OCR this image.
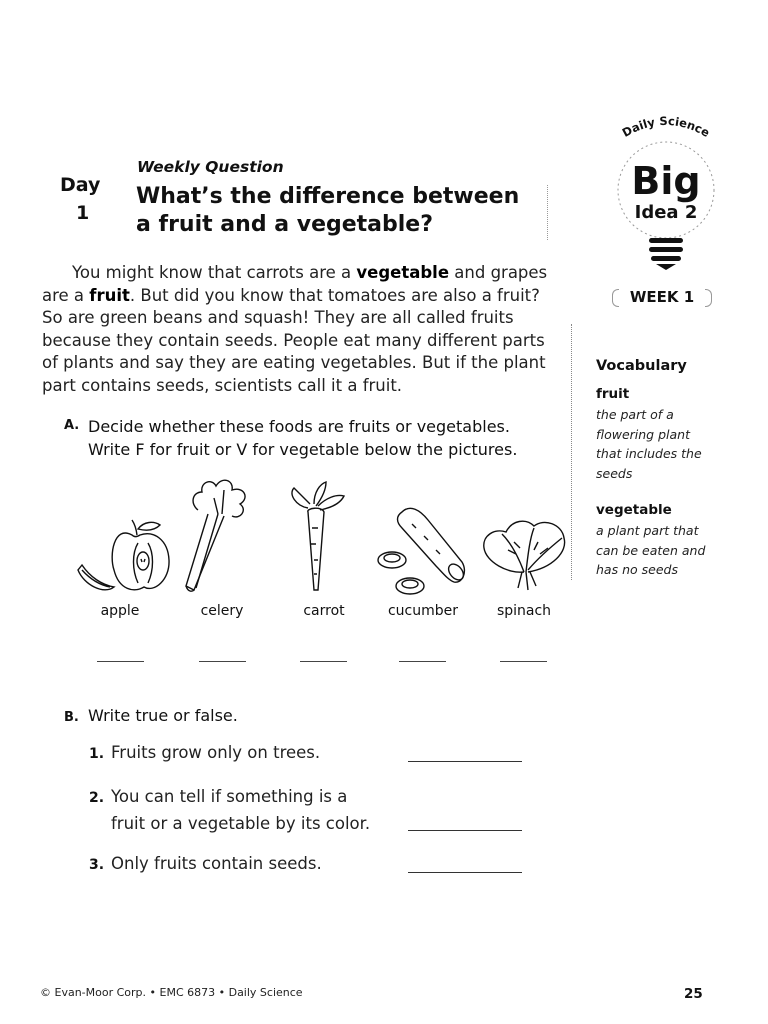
Weekly Question
Day
1
What’s the difference between
a fruit and a vegetable?

You might know that carrots are a vegetable and grapes are a fruit. But did you know that tomatoes are also a fruit? So are green beans and squash! They are all called fruits because they contain seeds. People eat many different parts of plants and say they are eating vegetables. But if the plant part contains seeds, scientists call it a fruit.

A. Decide whether these foods are fruits or vegetables.
Write F for fruit or V for vegetable below the pictures.
apple	celery	carrot	cucumber	spinach
B. Write true or false.
1. Fruits grow only on trees.
2. You can tell if something is a
fruit or a vegetable by its color.
3. Only fruits contain seeds.
Daily Science
Big
Idea 2
WEEK 1
Vocabulary
fruit
the part of a flowering plant that includes the seeds
vegetable
a plant part that can be eaten and has no seeds
© Evan-Moor Corp. • EMC 6873 • Daily Science	25
